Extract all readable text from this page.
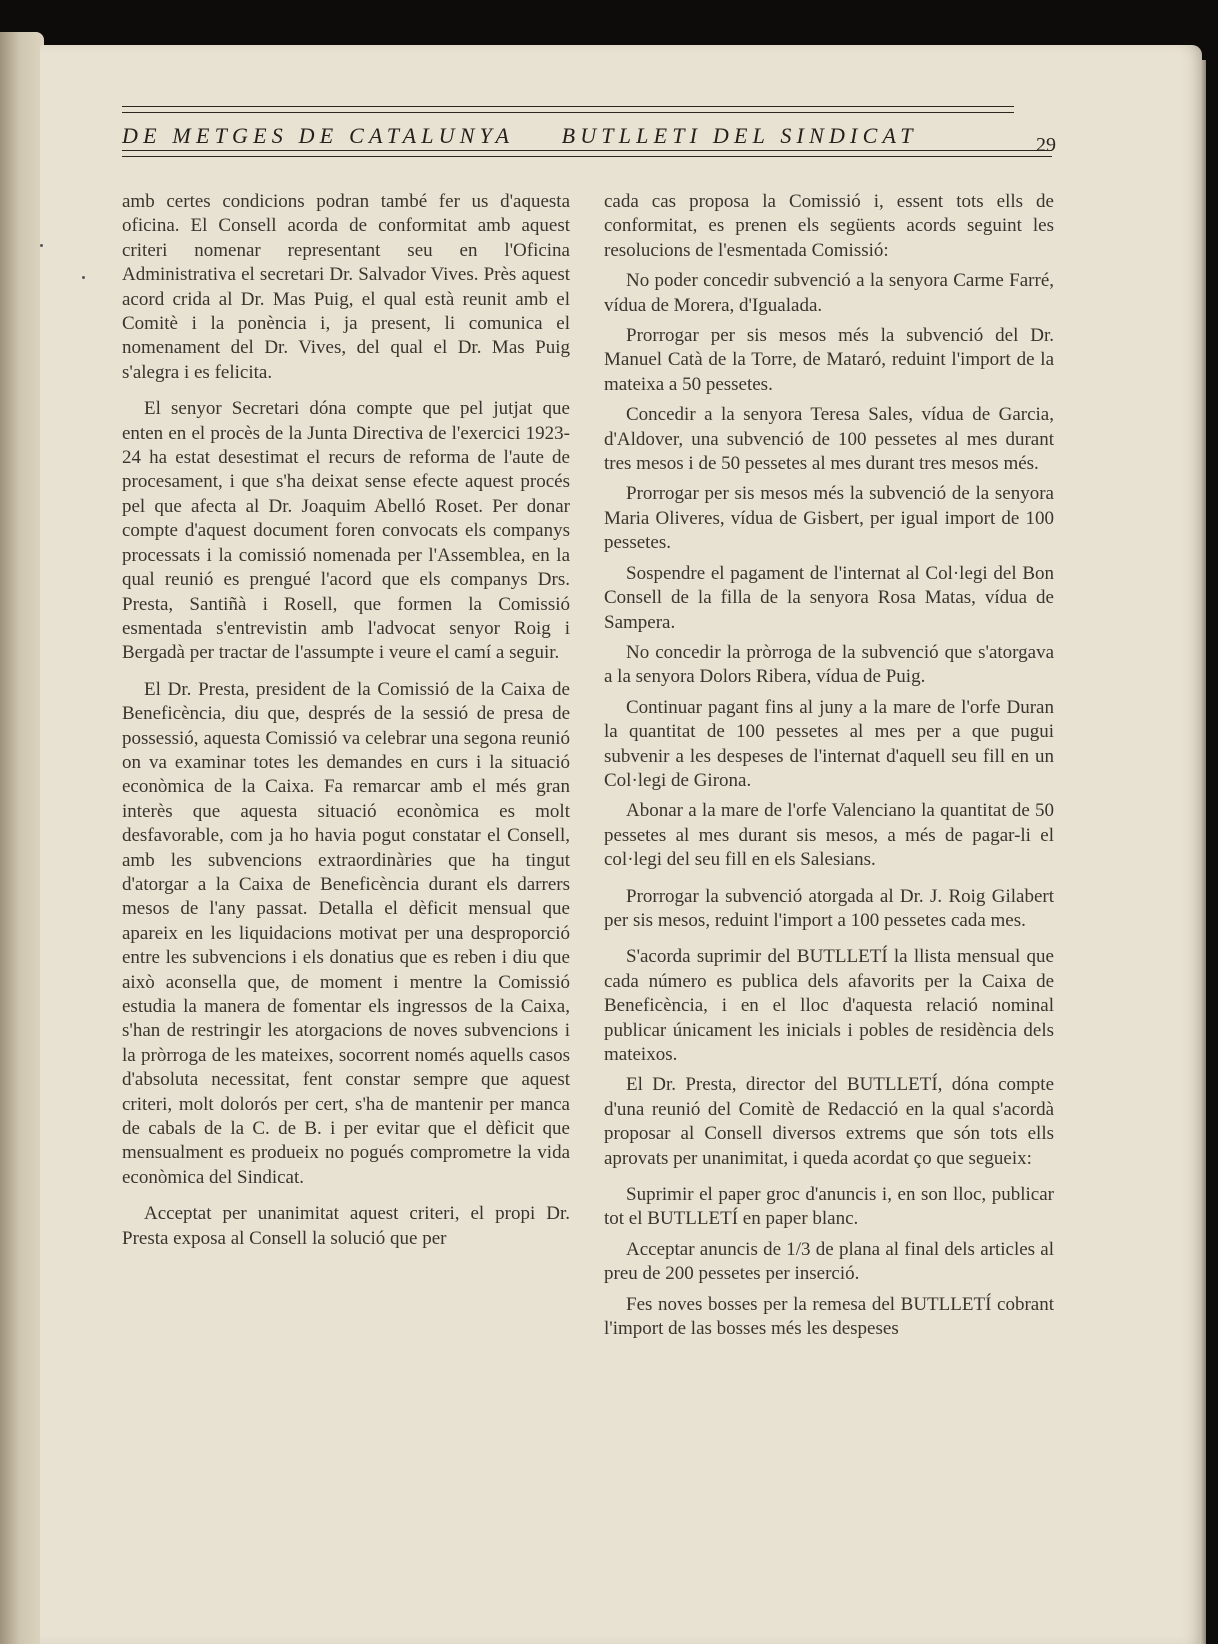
DE METGES DE CATALUNYA BUTLLETI DEL SINDICAT	29

amb certes condicions podran també fer us d'aquesta oficina. El Consell acorda de conformitat amb aquest criteri nomenar representant seu en l'Oficina Administrativa el secretari Dr. Salvador Vives. Près aquest acord crida al Dr. Mas Puig, el qual està reunit amb el Comitè i la ponència i, ja present, li comunica el nomenament del Dr. Vives, del qual el Dr. Mas Puig s'alegra i es felicita.

El senyor Secretari dóna compte que pel jutjat que enten en el procès de la Junta Directiva de l'exercici 1923-24 ha estat desestimat el recurs de reforma de l'aute de procesament, i que s'ha deixat sense efecte aquest procés pel que afecta al Dr. Joaquim Abelló Roset. Per donar compte d'aquest document foren convocats els companys processats i la comissió nomenada per l'Assemblea, en la qual reunió es prengué l'acord que els companys Drs. Presta, Santiñà i Rosell, que formen la Comissió esmentada s'entrevistin amb l'advocat senyor Roig i Bergadà per tractar de l'assumpte i veure el camí a seguir.

El Dr. Presta, president de la Comissió de la Caixa de Beneficència, diu que, després de la sessió de presa de possessió, aquesta Comissió va celebrar una segona reunió on va examinar totes les demandes en curs i la situació econòmica de la Caixa. Fa remarcar amb el més gran interès que aquesta situació econòmica es molt desfavorable, com ja ho havia pogut constatar el Consell, amb les subvencions extraordinàries que ha tingut d'atorgar a la Caixa de Beneficència durant els darrers mesos de l'any passat. Detalla el dèficit mensual que apareix en les liquidacions motivat per una desproporció entre les subvencions i els donatius que es reben i diu que això aconsella que, de moment i mentre la Comissió estudia la manera de fomentar els ingressos de la Caixa, s'han de restringir les atorgacions de noves subvencions i la pròrroga de les mateixes, socorrent només aquells casos d'absoluta necessitat, fent constar sempre que aquest criteri, molt dolorós per cert, s'ha de mantenir per manca de cabals de la C. de B. i per evitar que el dèficit que mensualment es produeix no pogués comprometre la vida econòmica del Sindicat.

Acceptat per unanimitat aquest criteri, el propi Dr. Presta exposa al Consell la solució que per

cada cas proposa la Comissió i, essent tots ells de conformitat, es prenen els següents acords seguint les resolucions de l'esmentada Comissió:

No poder concedir subvenció a la senyora Carme Farré, vídua de Morera, d'Igualada.

Prorrogar per sis mesos més la subvenció del Dr. Manuel Catà de la Torre, de Mataró, reduint l'import de la mateixa a 50 pessetes.

Concedir a la senyora Teresa Sales, vídua de Garcia, d'Aldover, una subvenció de 100 pessetes al mes durant tres mesos i de 50 pessetes al mes durant tres mesos més.

Prorrogar per sis mesos més la subvenció de la senyora Maria Oliveres, vídua de Gisbert, per igual import de 100 pessetes.

Sospendre el pagament de l'internat al Col·legi del Bon Consell de la filla de la senyora Rosa Matas, vídua de Sampera.

No concedir la pròrroga de la subvenció que s'atorgava a la senyora Dolors Ribera, vídua de Puig.

Continuar pagant fins al juny a la mare de l'orfe Duran la quantitat de 100 pessetes al mes per a que pugui subvenir a les despeses de l'internat d'aquell seu fill en un Col·legi de Girona.

Abonar a la mare de l'orfe Valenciano la quantitat de 50 pessetes al mes durant sis mesos, a més de pagar-li el col·legi del seu fill en els Salesians.

Prorrogar la subvenció atorgada al Dr. J. Roig Gilabert per sis mesos, reduint l'import a 100 pessetes cada mes.

S'acorda suprimir del BUTLLETÍ la llista mensual que cada número es publica dels afavorits per la Caixa de Beneficència, i en el lloc d'aquesta relació nominal publicar únicament les inicials i pobles de residència dels mateixos.

El Dr. Presta, director del BUTLLETÍ, dóna compte d'una reunió del Comitè de Redacció en la qual s'acordà proposar al Consell diversos extrems que són tots ells aprovats per unanimitat, i queda acordat ço que segueix:

Suprimir el paper groc d'anuncis i, en son lloc, publicar tot el BUTLLETÍ en paper blanc.

Acceptar anuncis de 1/3 de plana al final dels articles al preu de 200 pessetes per inserció.

Fes noves bosses per la remesa del BUTLLETÍ cobrant l'import de las bosses més les despeses
